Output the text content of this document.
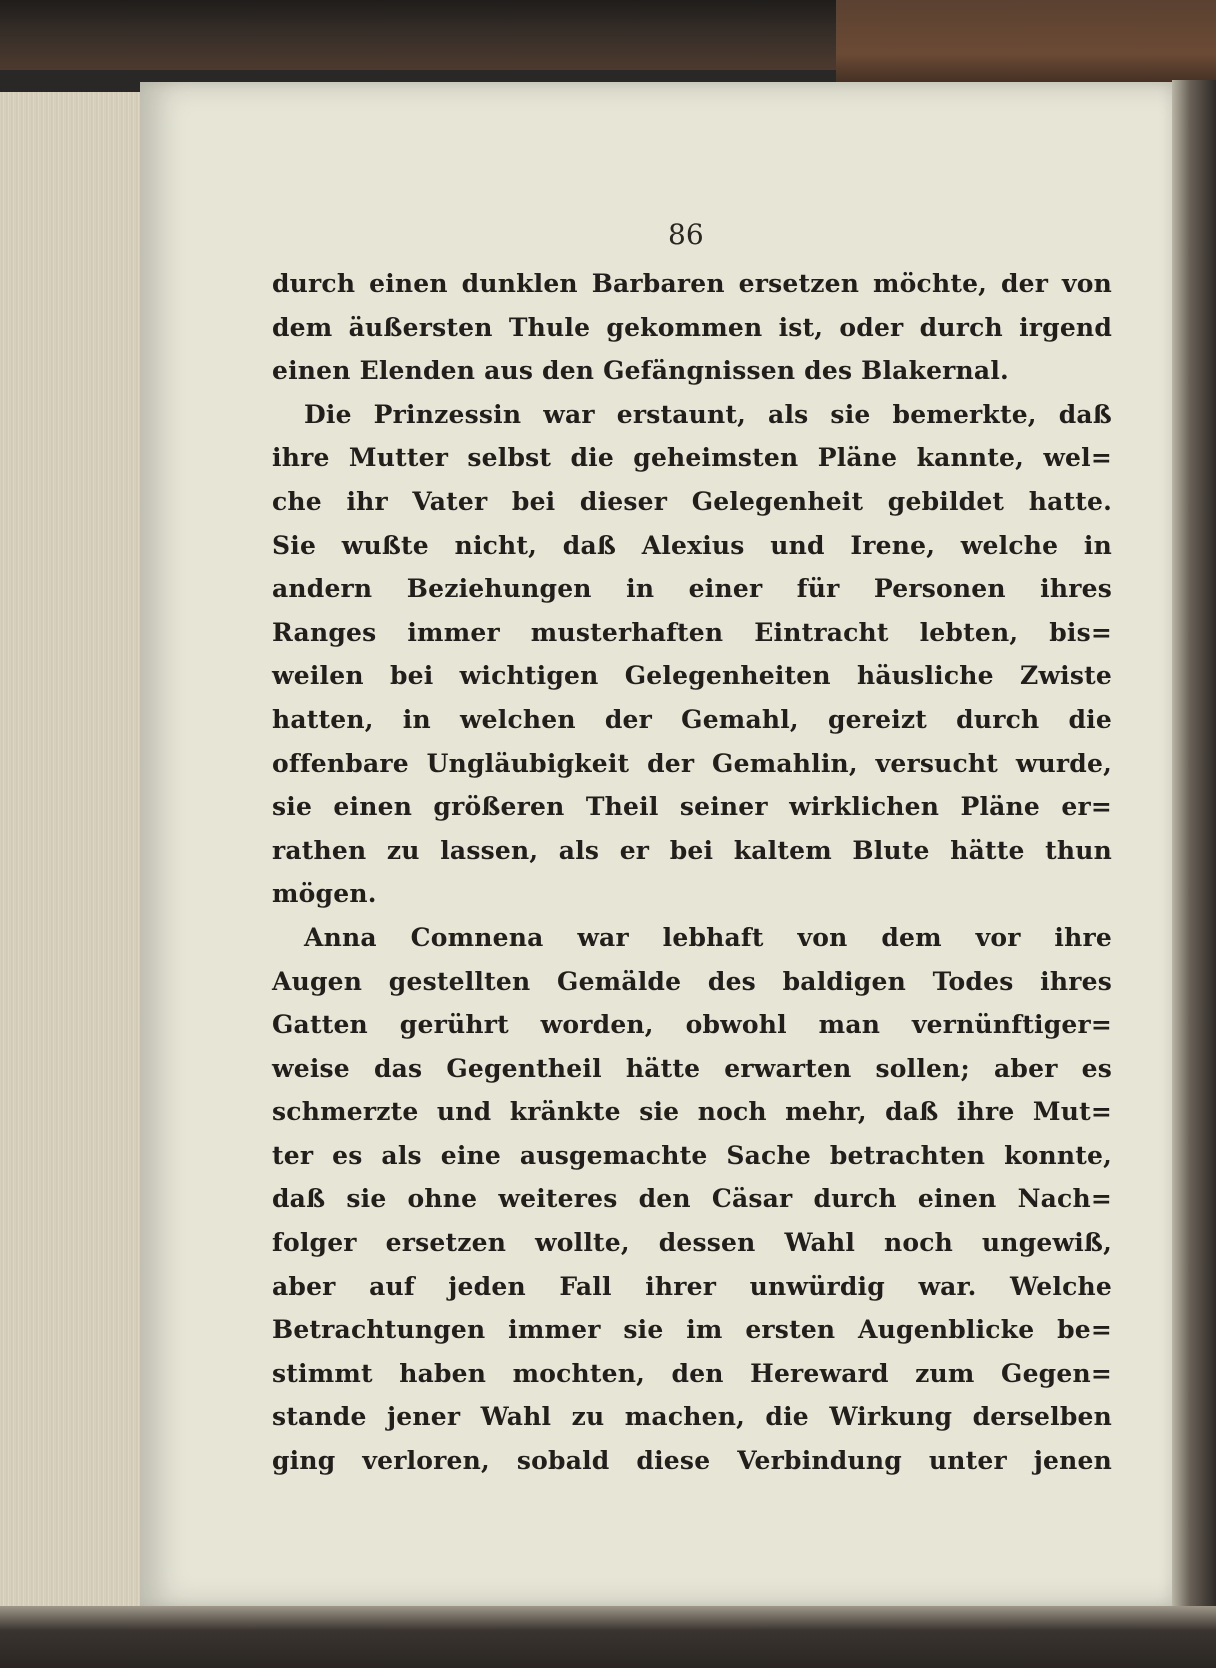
86
durch einen dunklen Barbaren ersetzen möchte, der von
dem äußersten Thule gekommen ist, oder durch irgend
einen Elenden aus den Gefängnissen des Blakernal.
Die Prinzessin war erstaunt, als sie bemerkte, daß
ihre Mutter selbst die geheimsten Pläne kannte, wel=
che ihr Vater bei dieser Gelegenheit gebildet hatte.
Sie wußte nicht, daß Alexius und Irene, welche in
andern Beziehungen in einer für Personen ihres
Ranges immer musterhaften Eintracht lebten, bis=
weilen bei wichtigen Gelegenheiten häusliche Zwiste
hatten, in welchen der Gemahl, gereizt durch die
offenbare Ungläubigkeit der Gemahlin, versucht wurde,
sie einen größeren Theil seiner wirklichen Pläne er=
rathen zu lassen, als er bei kaltem Blute hätte thun
mögen.
Anna Comnena war lebhaft von dem vor ihre
Augen gestellten Gemälde des baldigen Todes ihres
Gatten gerührt worden, obwohl man vernünftiger=
weise das Gegentheil hätte erwarten sollen; aber es
schmerzte und kränkte sie noch mehr, daß ihre Mut=
ter es als eine ausgemachte Sache betrachten konnte,
daß sie ohne weiteres den Cäsar durch einen Nach=
folger ersetzen wollte, dessen Wahl noch ungewiß,
aber auf jeden Fall ihrer unwürdig war. Welche
Betrachtungen immer sie im ersten Augenblicke be=
stimmt haben mochten, den Hereward zum Gegen=
stande jener Wahl zu machen, die Wirkung derselben
ging verloren, sobald diese Verbindung unter jenen
